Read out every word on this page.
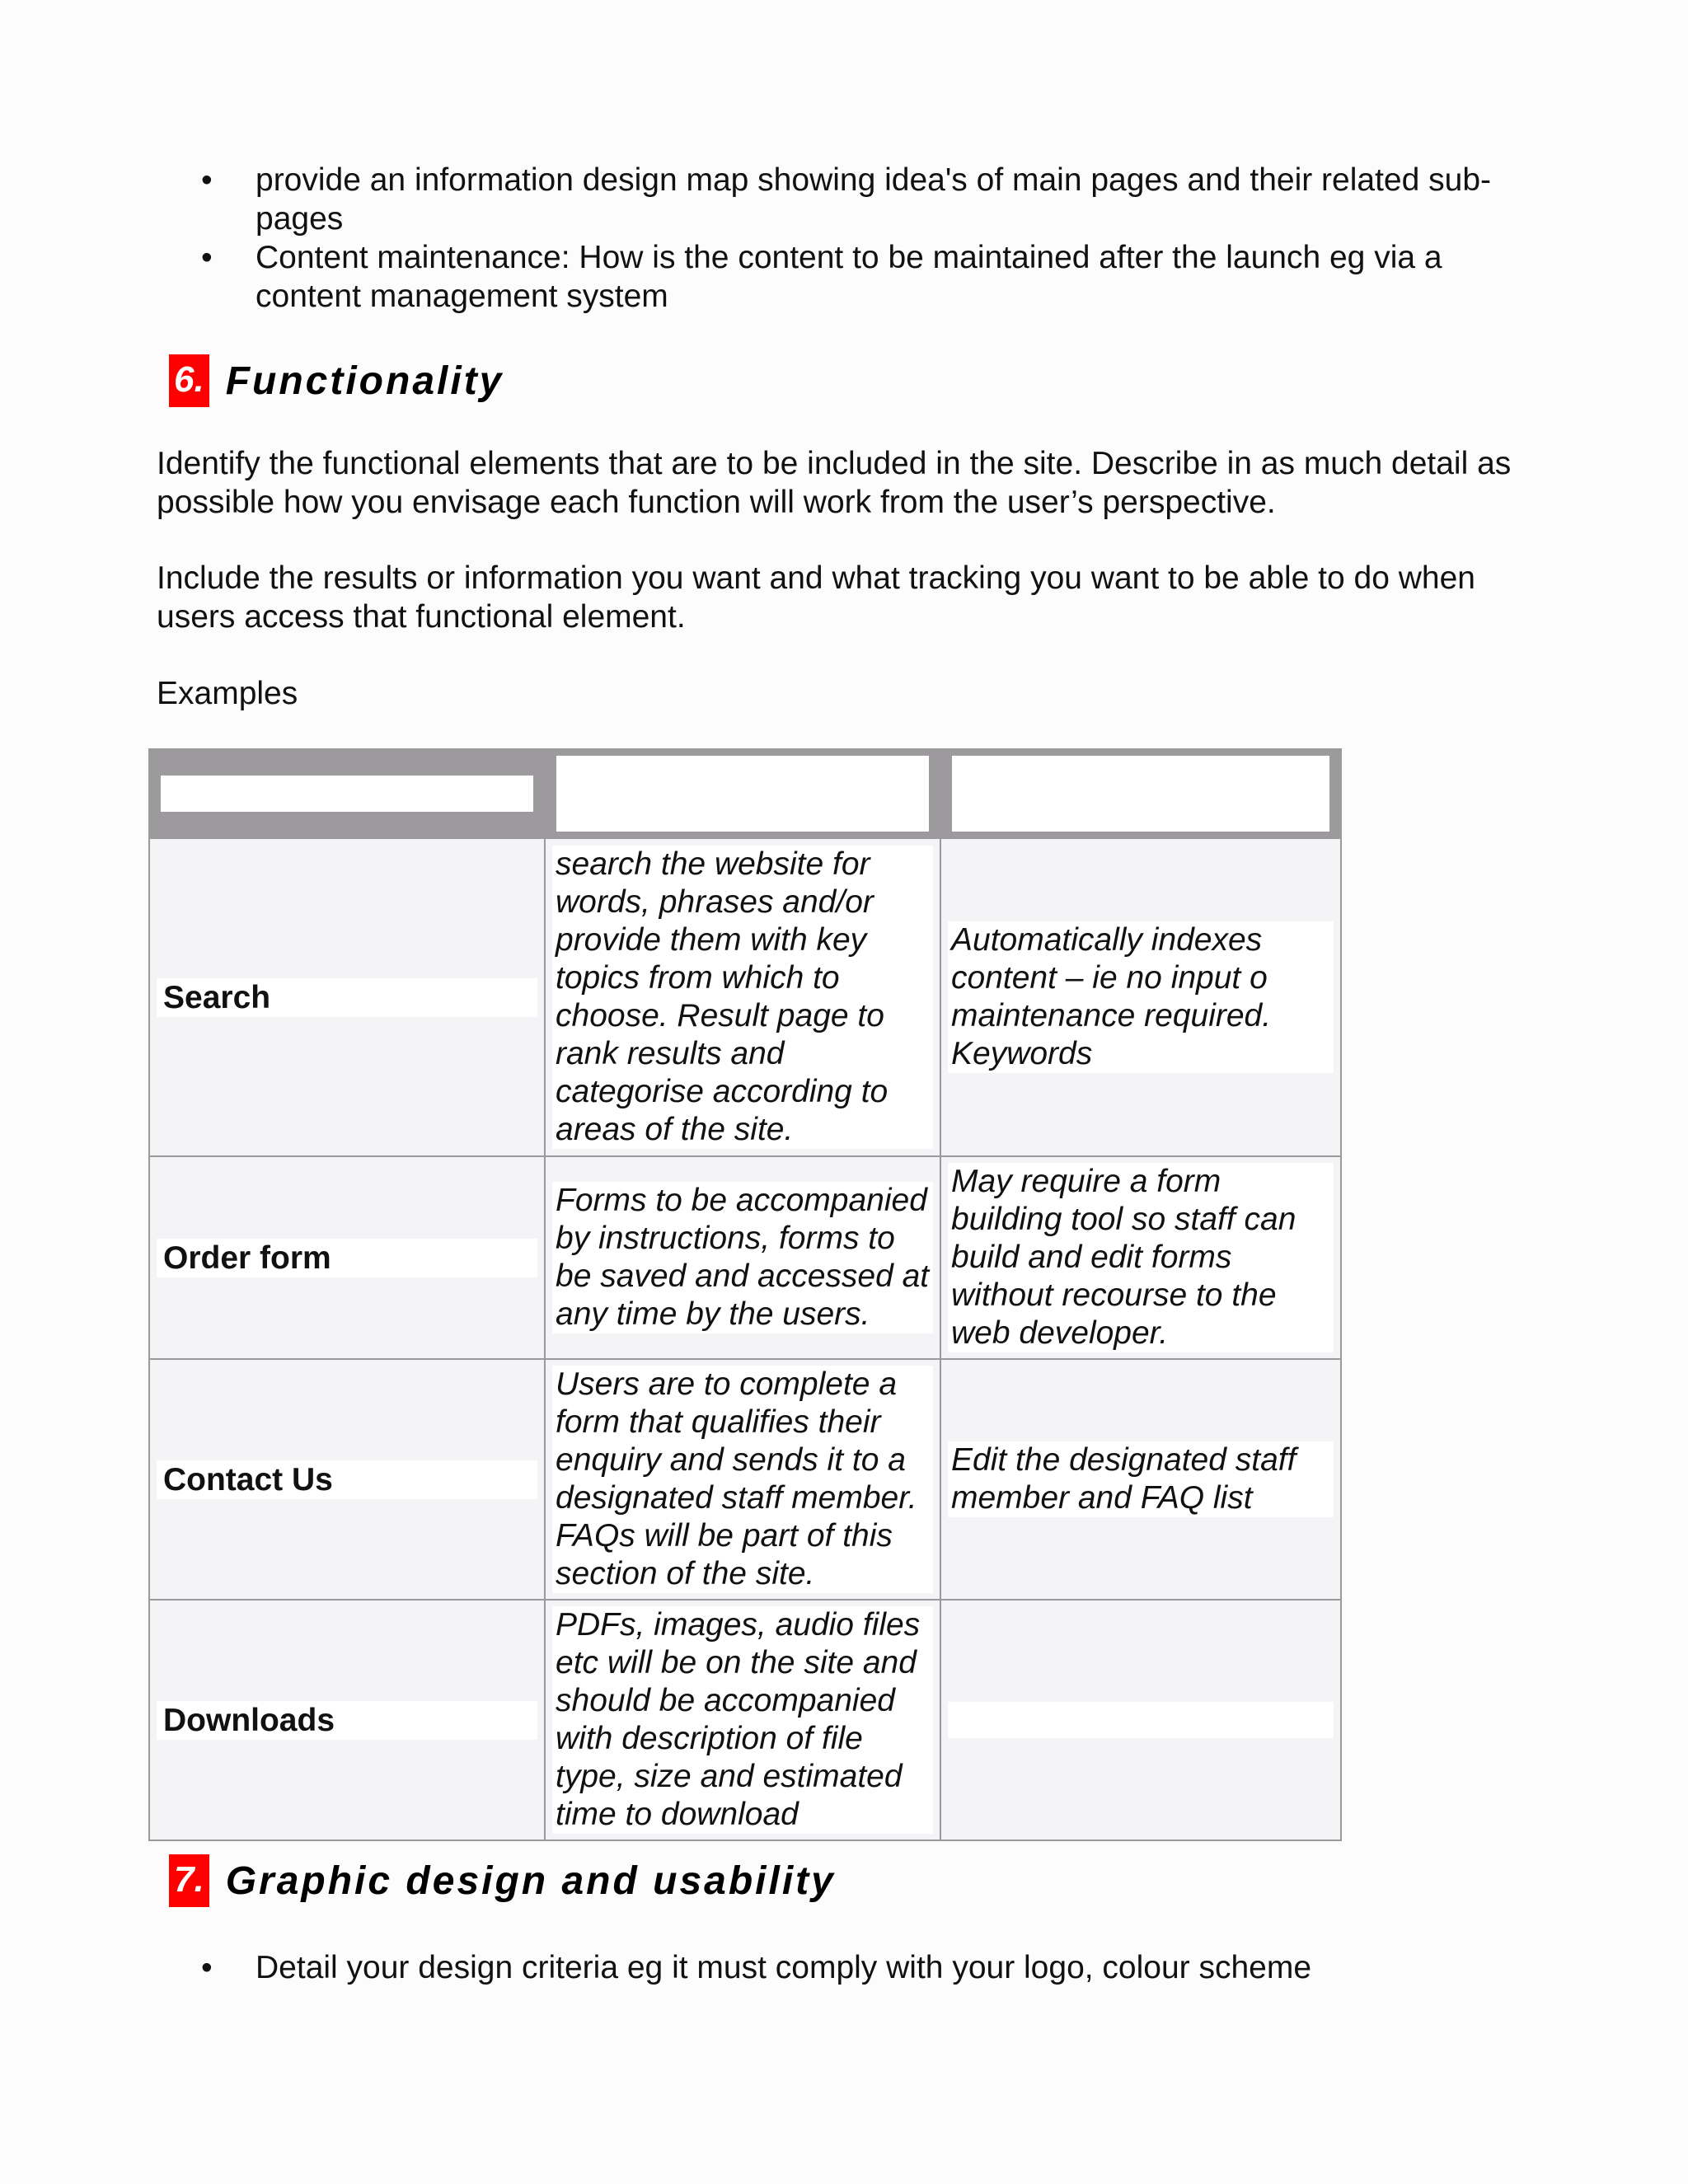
• provide an information design map showing idea's of main pages and their related sub-pages
• Content maintenance: How is the content to be maintained after the launch eg via a content management system
6. Functionality

Identify the functional elements that are to be included in the site. Describe in as much detail as possible how you envisage each function will work from the user’s perspective.

Include the results or information you want and what tracking you want to be able to do when users access that functional element.

Examples

Search	search the website for words, phrases and/or provide them with key topics from which to choose. Result page to rank results and categorise according to areas of the site.	Automatically indexes content – ie no input o maintenance required. Keywords

Order form	Forms to be accompanied by instructions, forms to be saved and accessed at any time by the users.	May require a form building tool so staff can build and edit forms without recourse to the web developer.

Contact Us	Users are to complete a form that qualifies their enquiry and sends it to a designated staff member. FAQs will be part of this section of the site.	Edit the designated staff member and FAQ list

Downloads	PDFs, images, audio files etc will be on the site and should be accompanied with description of file type, size and estimated time to download	

7. Graphic design and usability
• Detail your design criteria eg it must comply with your logo, colour scheme
